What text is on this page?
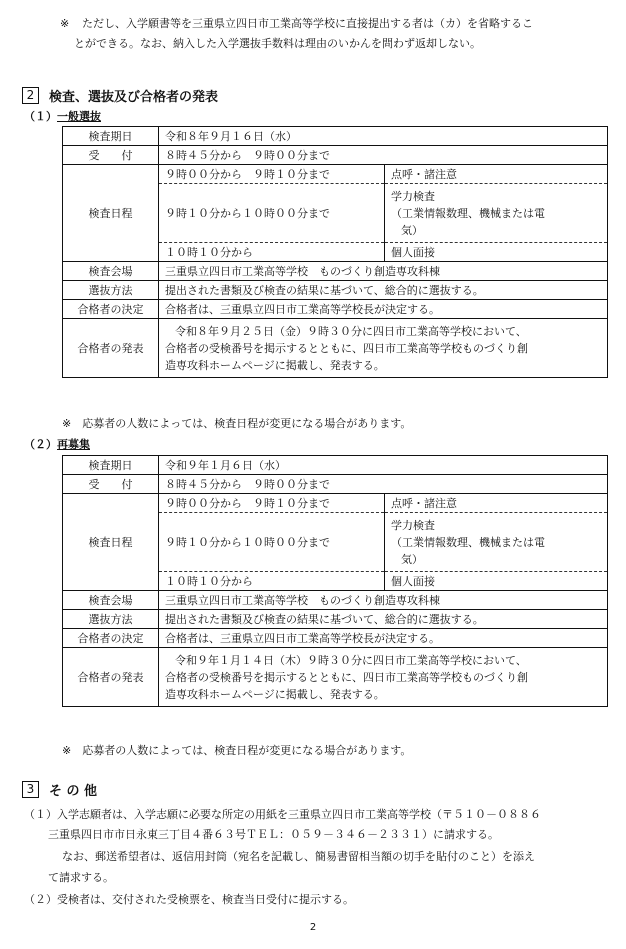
※ ただし、入学願書等を三重県立四日市工業高等学校に直接提出する者は（カ）を省略するこ
とができる。なお、納入した入学選抜手数料は理由のいかんを問わず返却しない。
2	検査、選抜及び合格者の発表
（１）一般選抜
検査期日	令和８年９月１６日（水）	
受　　付	８時４５分から　９時００分まで	
検査日程	９時００分から　９時１０分まで	点呼・諸注意
	９時１０分から１０時００分まで	学力検査
（工業情報数理、機械または電
気）

	１０時１０分から	個人面接
検査会場	三重県立四日市工業高等学校　ものづくり創造専攻科棟	
選抜方法	提出された書類及び検査の結果に基づいて、総合的に選抜する。	
合格者の決定	合格者は、三重県立四日市工業高等学校長が決定する。	
合格者の発表	令和８年９月２５日（金）９時３０分に四日市工業高等学校において、
合格者の受検番号を掲示するとともに、四日市工業高等学校ものづくり創
造専攻科ホームページに掲載し、発表する。	
※　応募者の人数によっては、検査日程が変更になる場合があります。
（２）再募集
検査期日	令和９年１月６日（水）	
受　　付	８時４５分から　９時００分まで	
検査日程	９時００分から　９時１０分まで	点呼・諸注意
	９時１０分から１０時００分まで	学力検査
（工業情報数理、機械または電
気）

	１０時１０分から	個人面接
検査会場	三重県立四日市工業高等学校　ものづくり創造専攻科棟	
選抜方法	提出された書類及び検査の結果に基づいて、総合的に選抜する。	
合格者の決定	合格者は、三重県立四日市工業高等学校長が決定する。	
合格者の発表	令和９年１月１４日（木）９時３０分に四日市工業高等学校において、
合格者の受検番号を掲示するとともに、四日市工業高等学校ものづくり創
造専攻科ホームページに掲載し、発表する。	
※　応募者の人数によっては、検査日程が変更になる場合があります。
3	そ の 他
（１）入学志願者は、入学志願に必要な所定の用紙を三重県立四日市工業高等学校（〒５１０－０８８６
三重県四日市市日永東三丁目４番６３号ＴＥＬ：０５９－３４６－２３３１）に請求する。
なお、郵送希望者は、返信用封筒（宛名を記載し、簡易書留相当額の切手を貼付のこと）を添え
て請求する。
（２）受検者は、交付された受検票を、検査当日受付に提示する。
2
